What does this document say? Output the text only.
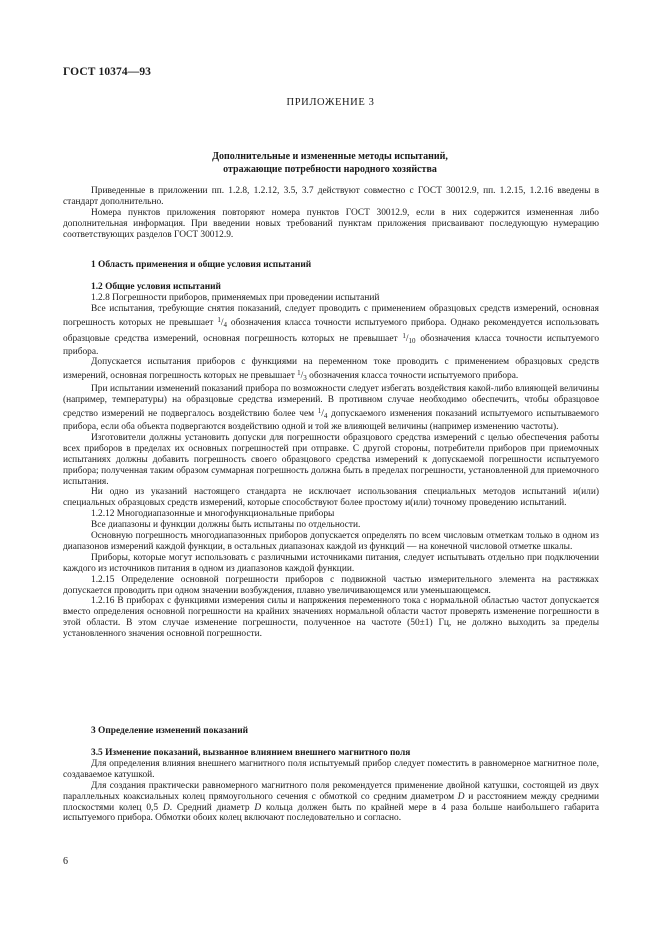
ГОСТ 10374—93
ПРИЛОЖЕНИЕ 3
Дополнительные и измененные методы испытаний,
отражающие потребности народного хозяйства

Приведенные в приложении пп. 1.2.8, 1.2.12, 3.5, 3.7 действуют совместно с ГОСТ 30012.9, пп. 1.2.15, 1.2.16 введены в стандарт дополнительно.

Номера пунктов приложения повторяют номера пунктов ГОСТ 30012.9, если в них содержится измененная либо дополнительная информация. При введении новых требований пунктам приложения присваивают последующую нумерацию соответствующих разделов ГОСТ 30012.9.

1 Область применения и общие условия испытаний

1.2 Общие условия испытаний

1.2.8 Погрешности приборов, применяемых при проведении испытаний

Все испытания, требующие снятия показаний, следует проводить с применением образцовых средств измерений, основная погрешность которых не превышает $^1/_4$ обозначения класса точности испытуемого прибора. Однако рекомендуется использовать образцовые средства измерений, основная погрешность которых не превышает $^1/_{10}$ обозначения класса точности испытуемого прибора.

Допускается испытания приборов с функциями на переменном токе проводить с применением образцовых средств измерений, основная погрешность которых не превышает $^1/_3$ обозначения класса точности испытуемого прибора.

При испытании изменений показаний прибора по возможности следует избегать воздействия какой-либо влияющей величины (например, температуры) на образцовые средства измерений. В противном случае необходимо обеспечить, чтобы образцовое средство измерений не подвергалось воздействию более чем $^1/_4$ допускаемого изменения показаний испытуемого испытываемого прибора, если оба объекта подвергаются воздействию одной и той же влияющей величины (например изменению частоты).

Изготовители должны установить допуски для погрешности образцового средства измерений с целью обеспечения работы всех приборов в пределах их основных погрешностей при отправке. С другой стороны, потребители приборов при приемочных испытаниях должны добавить погрешность своего образцового средства измерений к допускаемой погрешности испытуемого прибора; полученная таким образом суммарная погрешность должна быть в пределах погрешности, установленной для приемочного испытания.

Ни одно из указаний настоящего стандарта не исключает использования специальных методов испытаний и(или) специальных образцовых средств измерений, которые способствуют более простому и(или) точному проведению испытаний.

1.2.12 Многодиапазонные и многофункциональные приборы

Все диапазоны и функции должны быть испытаны по отдельности.

Основную погрешность многодиапазонных приборов допускается определять по всем числовым отметкам только в одном из диапазонов измерений каждой функции, в остальных диапазонах каждой из функций — на конечной числовой отметке шкалы.

Приборы, которые могут использовать с различными источниками питания, следует испытывать отдельно при подключении каждого из источников питания в одном из диапазонов каждой функции.

1.2.15 Определение основной погрешности приборов с подвижной частью измерительного элемента на растяжках допускается проводить при одном значении возбуждения, плавно увеличивающемся или уменьшающемся.

1.2.16 В приборах с функциями измерения силы и напряжения переменного тока с нормальной областью частот допускается вместо определения основной погрешности на крайних значениях нормальной области частот проверять изменение погрешности в этой области. В этом случае изменение погрешности, полученное на частоте (50±1) Гц, не должно выходить за пределы установленного значения основной погрешности.

3 Определение изменений показаний

3.5 Изменение показаний, вызванное влиянием внешнего магнитного поля

Для определения влияния внешнего магнитного поля испытуемый прибор следует поместить в равномерное магнитное поле, создаваемое катушкой.

Для создания практически равномерного магнитного поля рекомендуется применение двойной катушки, состоящей из двух параллельных коаксиальных колец прямоугольного сечения с обмоткой со средним диаметром D и расстоянием между средними плоскостями колец 0,5 D. Средний диаметр D кольца должен быть по крайней мере в 4 раза больше наибольшего габарита испытуемого прибора. Обмотки обоих колец включают последовательно и согласно.

6
